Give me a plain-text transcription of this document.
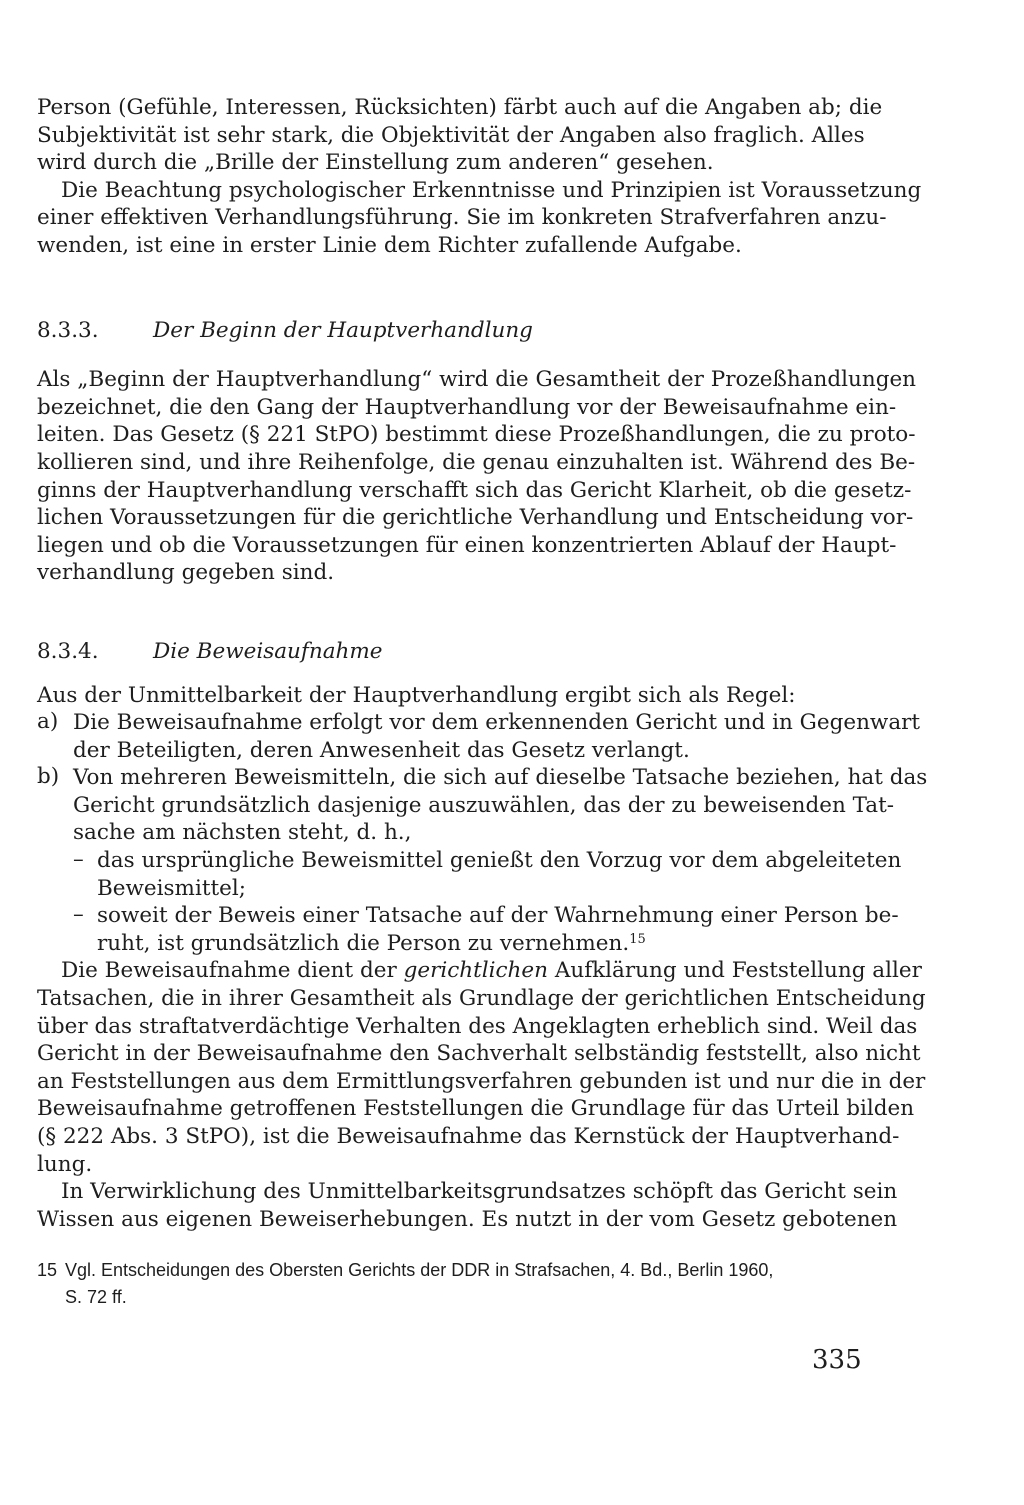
Person (Gefühle, Interessen, Rücksichten) färbt auch auf die Angaben ab; die
Subjektivität ist sehr stark, die Objektivität der Angaben also fraglich. Alles
wird durch die „Brille der Einstellung zum anderen“ gesehen.
Die Beachtung psychologischer Erkenntnisse und Prinzipien ist Voraussetzung
einer effektiven Verhandlungsführung. Sie im konkreten Strafverfahren anzu-
wenden, ist eine in erster Linie dem Richter zufallende Aufgabe.
8.3.3.	Der Beginn der Hauptverhandlung
Als „Beginn der Hauptverhandlung“ wird die Gesamtheit der Prozeßhandlungen
bezeichnet, die den Gang der Hauptverhandlung vor der Beweisaufnahme ein-
leiten. Das Gesetz (§ 221 StPO) bestimmt diese Prozeßhandlungen, die zu proto-
kollieren sind, und ihre Reihenfolge, die genau einzuhalten ist. Während des Be-
ginns der Hauptverhandlung verschafft sich das Gericht Klarheit, ob die gesetz-
lichen Voraussetzungen für die gerichtliche Verhandlung und Entscheidung vor-
liegen und ob die Voraussetzungen für einen konzentrierten Ablauf der Haupt-
verhandlung gegeben sind.
8.3.4.	Die Beweisaufnahme
Aus der Unmittelbarkeit der Hauptverhandlung ergibt sich als Regel:
a) Die Beweisaufnahme erfolgt vor dem erkennenden Gericht und in Gegenwart
der Beteiligten, deren Anwesenheit das Gesetz verlangt.
b) Von mehreren Beweismitteln, die sich auf dieselbe Tatsache beziehen, hat das
Gericht grundsätzlich dasjenige auszuwählen, das der zu beweisenden Tat-
sache am nächsten steht, d. h.,
– das ursprüngliche Beweismittel genießt den Vorzug vor dem abgeleiteten
Beweismittel;
– soweit der Beweis einer Tatsache auf der Wahrnehmung einer Person be-
ruht, ist grundsätzlich die Person zu vernehmen.$^{15}$
Die Beweisaufnahme dient der gerichtlichen Aufklärung und Feststellung aller
Tatsachen, die in ihrer Gesamtheit als Grundlage der gerichtlichen Entscheidung
über das straftatverdächtige Verhalten des Angeklagten erheblich sind. Weil das
Gericht in der Beweisaufnahme den Sachverhalt selbständig feststellt, also nicht
an Feststellungen aus dem Ermittlungsverfahren gebunden ist und nur die in der
Beweisaufnahme getroffenen Feststellungen die Grundlage für das Urteil bilden
(§ 222 Abs. 3 StPO), ist die Beweisaufnahme das Kernstück der Hauptverhand-
lung.
In Verwirklichung des Unmittelbarkeitsgrundsatzes schöpft das Gericht sein
Wissen aus eigenen Beweiserhebungen. Es nutzt in der vom Gesetz gebotenen
15 Vgl. Entscheidungen des Obersten Gerichts der DDR in Strafsachen, 4. Bd., Berlin 1960,
S. 72 ff.
335
